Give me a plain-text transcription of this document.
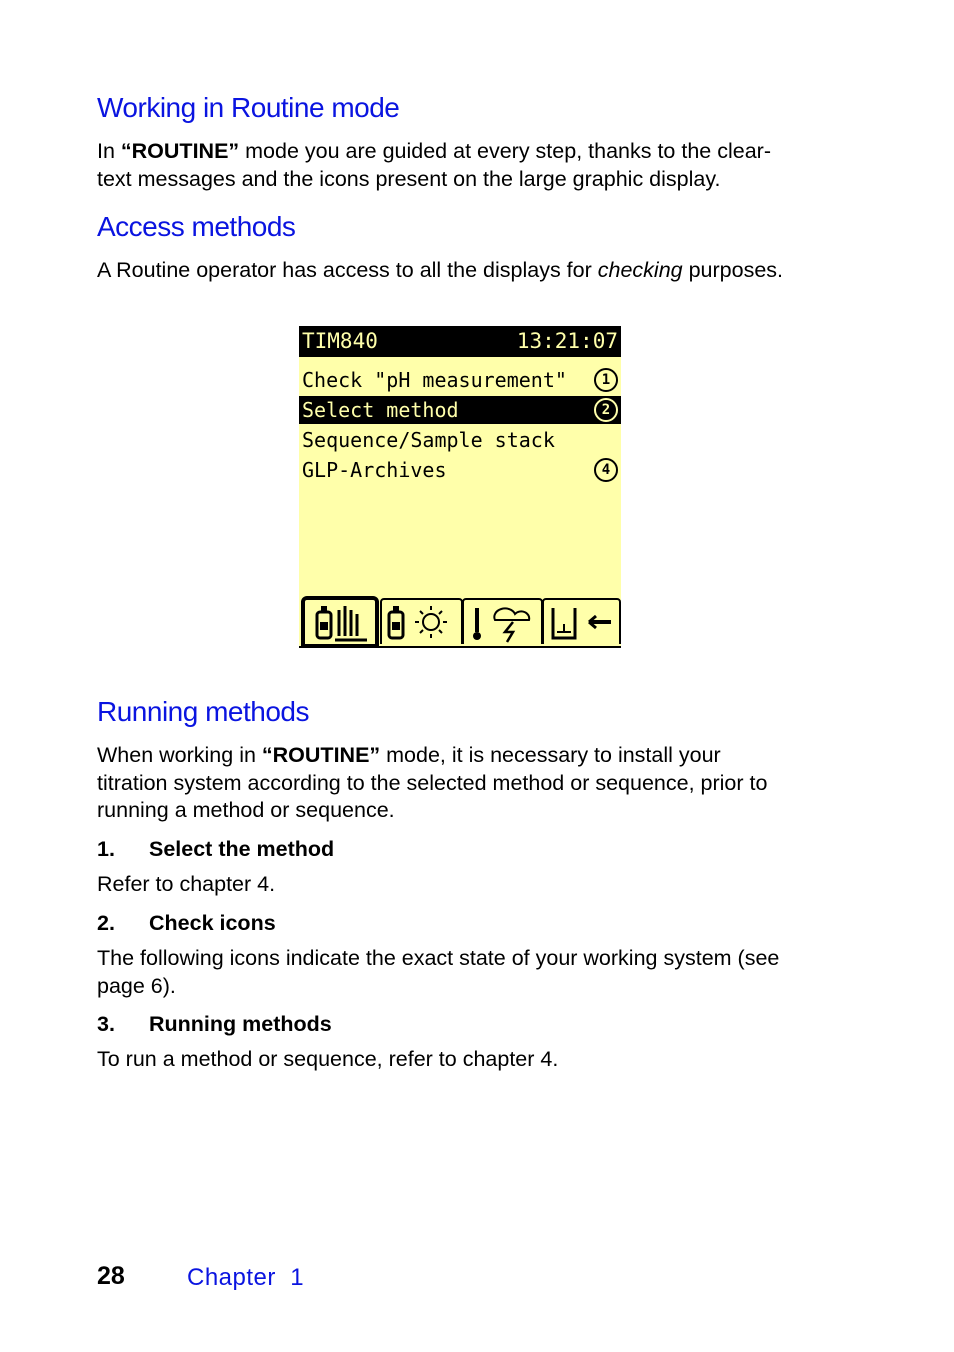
Working in Routine mode
In “ROUTINE” mode you are guided at every step, thanks to the clear-
text messages and the icons present on the large graphic display.
Access methods
A Routine operator has access to all the displays for checking purposes.
TIM840	13:21:07
Check "pH measurement"	1
Select method	2
Sequence/Sample stack
GLP-Archives	4
Running methods
When working in “ROUTINE” mode, it is necessary to install your
titration system according to the selected method or sequence, prior to
running a method or sequence.
1. Select the method
Refer to chapter 4.
2. Check icons
The following icons indicate the exact state of your working system (see
page 6).
3. Running methods
To run a method or sequence, refer to chapter 4.
28	Chapter  1
